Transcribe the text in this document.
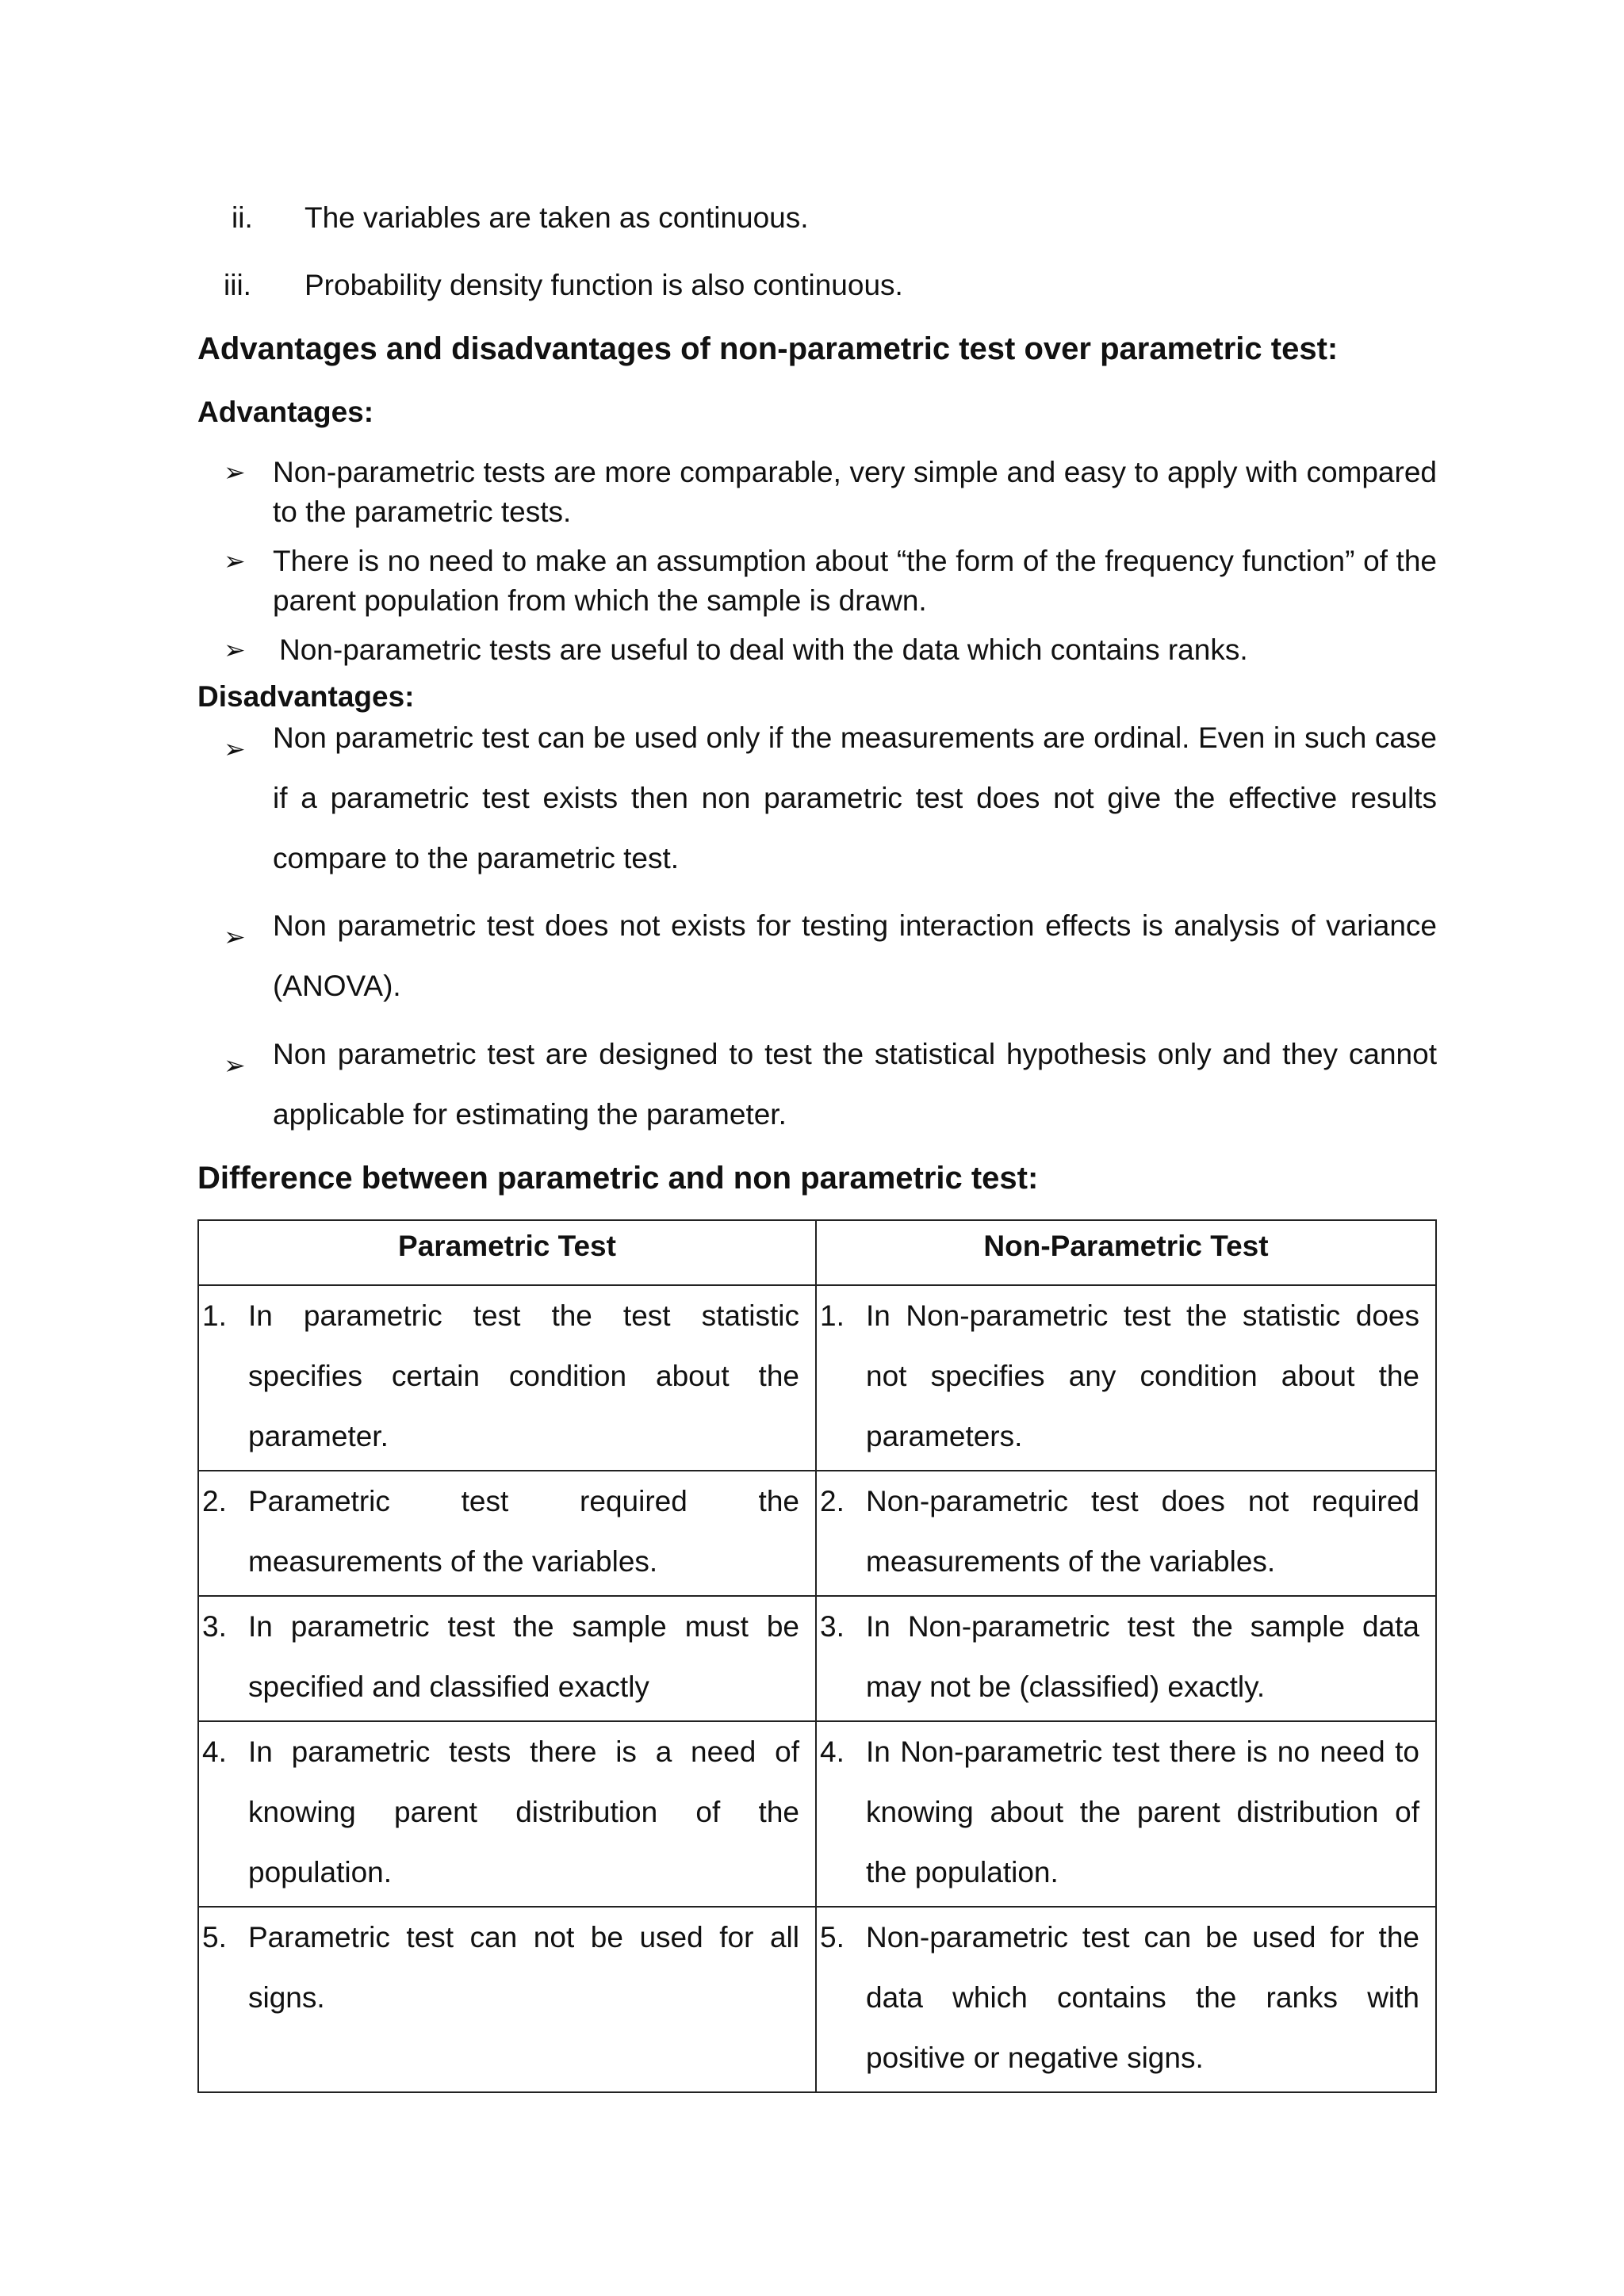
ii. The variables are taken as continuous.
iii. Probability density function is also continuous.
Advantages and disadvantages of non-parametric test over parametric test:
Advantages:
➢ Non-parametric tests are more comparable, very simple and easy to apply with compared to the parametric tests.
➢ There is no need to make an assumption about “the form of the frequency function” of the parent population from which the sample is drawn.
➢ Non-parametric tests are useful to deal with the data which contains ranks.
Disadvantages:
➢ Non parametric test can be used only if the measurements are ordinal. Even in such case if a parametric test exists then non parametric test does not give the effective results compare to the parametric test.
➢ Non parametric test does not exists for testing interaction effects is analysis of variance (ANOVA).
➢ Non parametric test are designed to test the statistical hypothesis only and they cannot applicable for estimating the parameter.
Difference between parametric and non parametric test:
Parametric Test	Non-Parametric Test

1. In parametric test the test statistic specifies certain condition about the parameter.	1. In Non-parametric test the statistic does not specifies any condition about the parameters.

2. Parametric test required the measurements of the variables.	2. Non-parametric test does not required measurements of the variables.

3. In parametric test the sample must be specified and classified exactly	3. In Non-parametric test the sample data may not be (classified) exactly.

4. In parametric tests there is a need of knowing parent distribution of the population.	4. In Non-parametric test there is no need to knowing about the parent distribution of the population.

5. Parametric test can not be used for all signs.	5. Non-parametric test can be used for the data which contains the ranks with positive or negative signs.
